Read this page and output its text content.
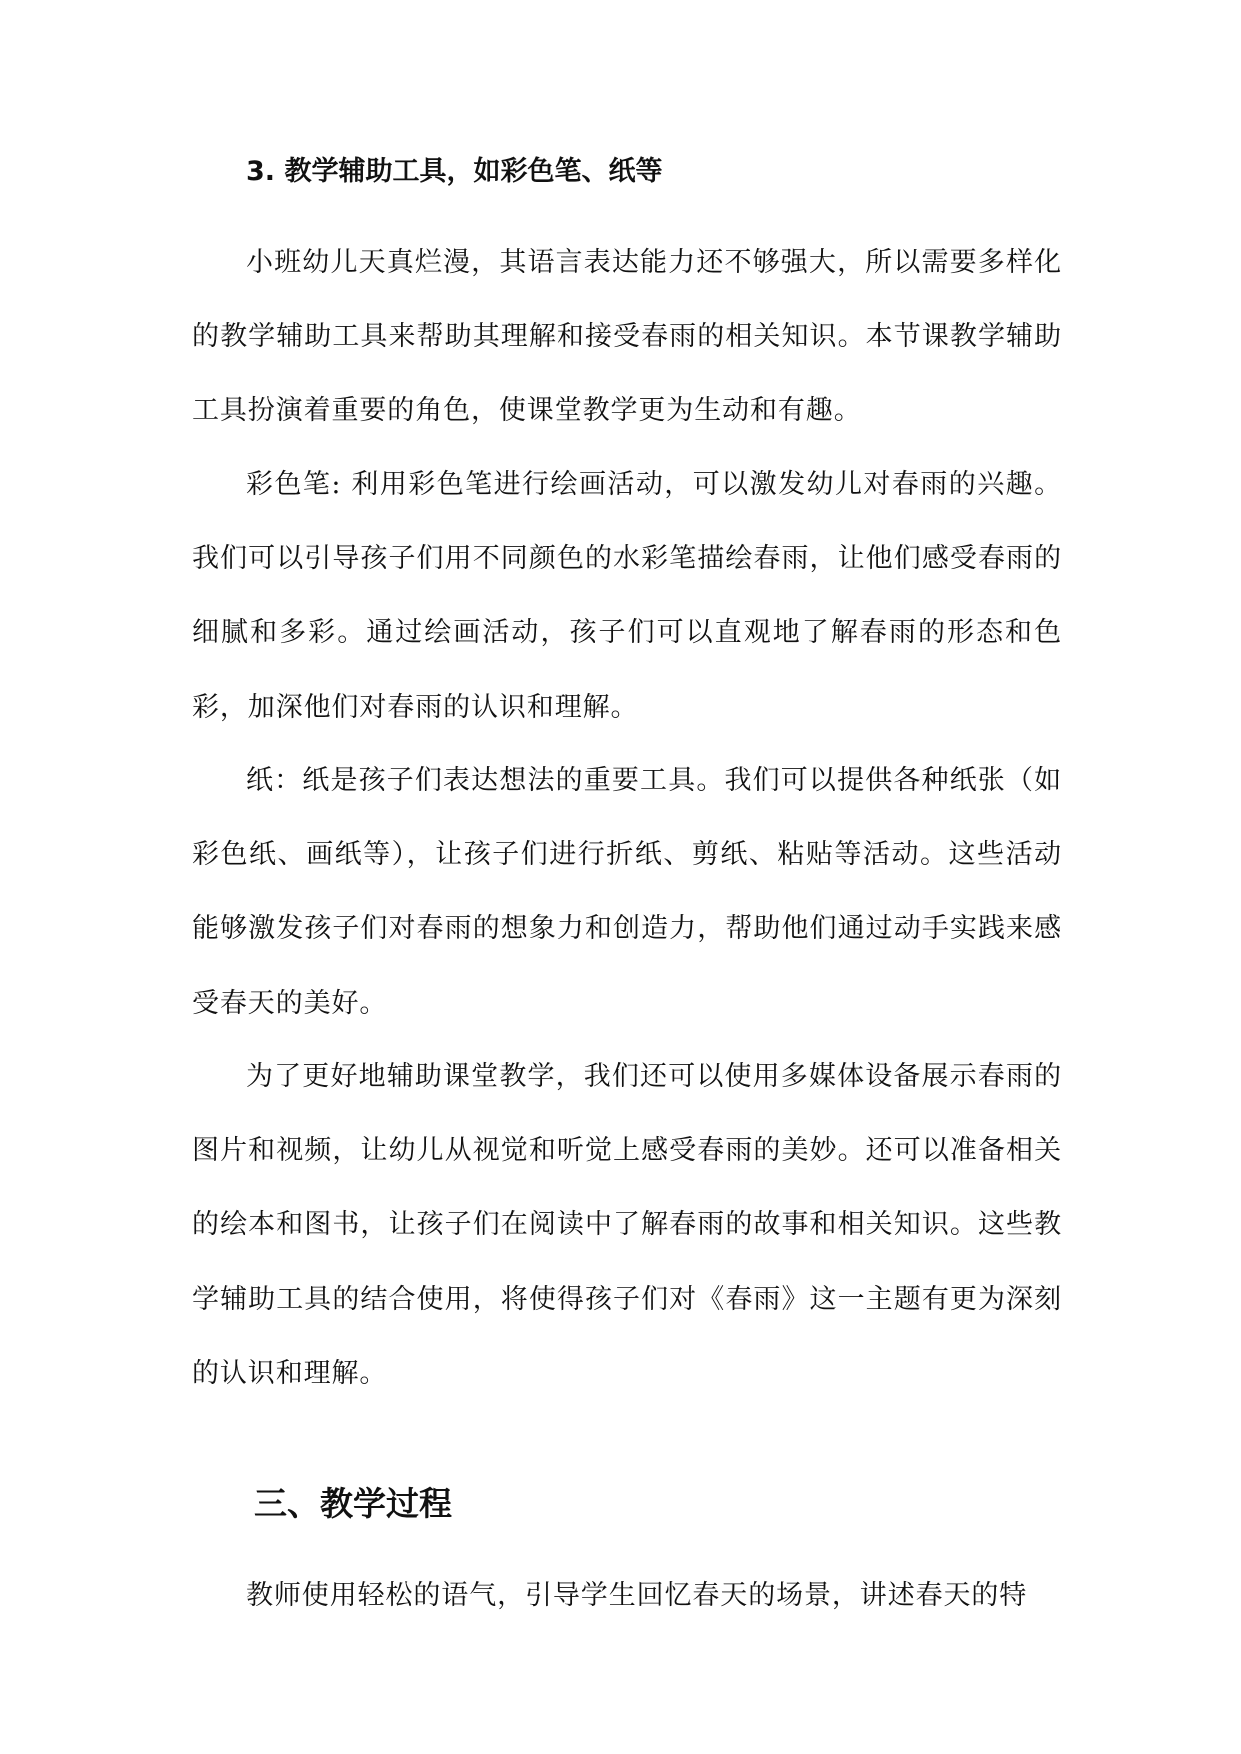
3. 教学辅助工具，如彩色笔、纸等

小班幼儿天真烂漫，其语言表达能力还不够强大，所以需要多样化的教学辅助工具来帮助其理解和接受春雨的相关知识。本节课教学辅助工具扮演着重要的角色，使课堂教学更为生动和有趣。

彩色笔: 利用彩色笔进行绘画活动，可以激发幼儿对春雨的兴趣。我们可以引导孩子们用不同颜色的水彩笔描绘春雨，让他们感受春雨的细腻和多彩。通过绘画活动，孩子们可以直观地了解春雨的形态和色彩，加深他们对春雨的认识和理解。

纸：纸是孩子们表达想法的重要工具。我们可以提供各种纸张（如彩色纸、画纸等），让孩子们进行折纸、剪纸、粘贴等活动。这些活动能够激发孩子们对春雨的想象力和创造力，帮助他们通过动手实践来感受春天的美好。

为了更好地辅助课堂教学，我们还可以使用多媒体设备展示春雨的图片和视频，让幼儿从视觉和听觉上感受春雨的美妙。还可以准备相关的绘本和图书，让孩子们在阅读中了解春雨的故事和相关知识。这些教学辅助工具的结合使用，将使得孩子们对《春雨》这一主题有更为深刻的认识和理解。

三、教学过程

教师使用轻松的语气，引导学生回忆春天的场景，讲述春天的特
